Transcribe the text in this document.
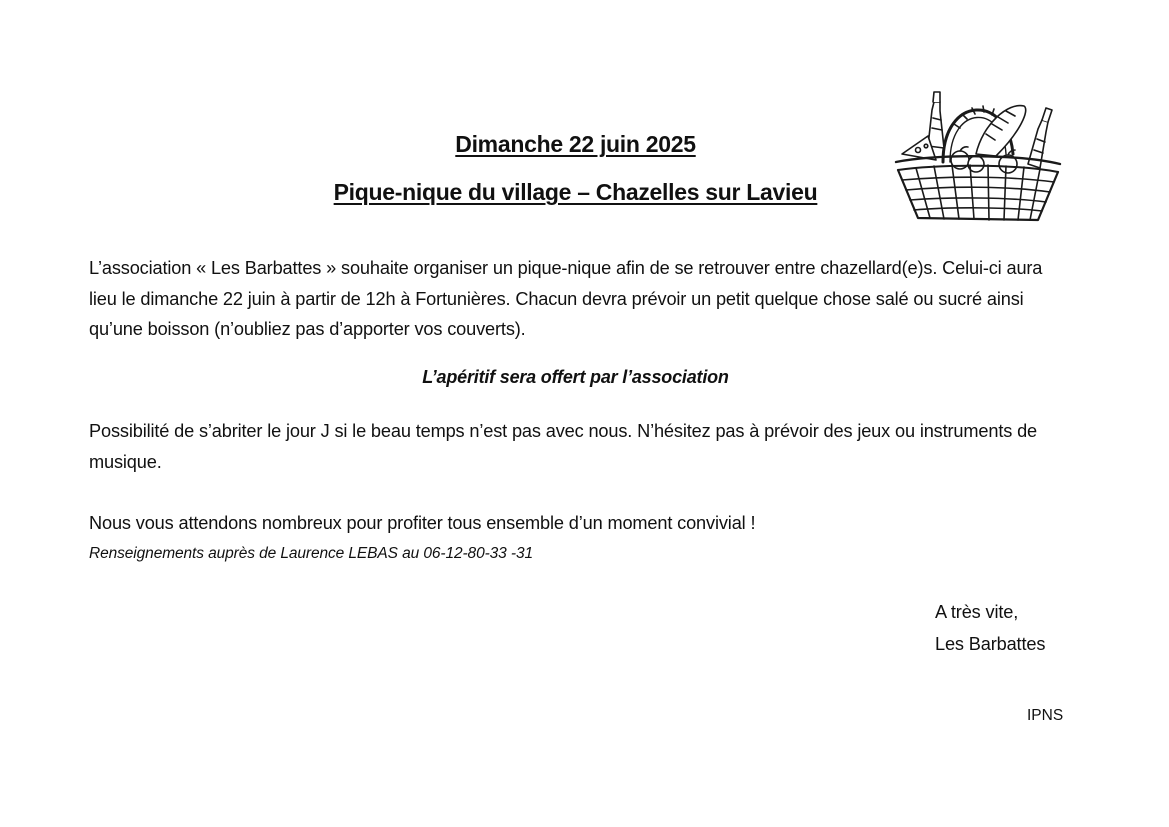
Dimanche 22 juin 2025
Pique-nique du village – Chazelles sur Lavieu
L’association « Les Barbattes » souhaite organiser un pique-nique afin de se retrouver entre chazellard(e)s. Celui-ci aura lieu le dimanche 22 juin à partir de 12h à Fortunières. Chacun devra prévoir un petit quelque chose salé ou sucré ainsi qu’une boisson (n’oubliez pas d’apporter vos couverts).
L’apéritif sera offert par l’association
Possibilité de s’abriter le jour J si le beau temps n’est pas avec nous. N’hésitez pas à prévoir des jeux ou instruments de musique.
Nous vous attendons nombreux pour profiter tous ensemble d’un moment convivial !
Renseignements auprès de Laurence LEBAS au 06-12-80-33 -31
A très vite,
Les Barbattes
IPNS
